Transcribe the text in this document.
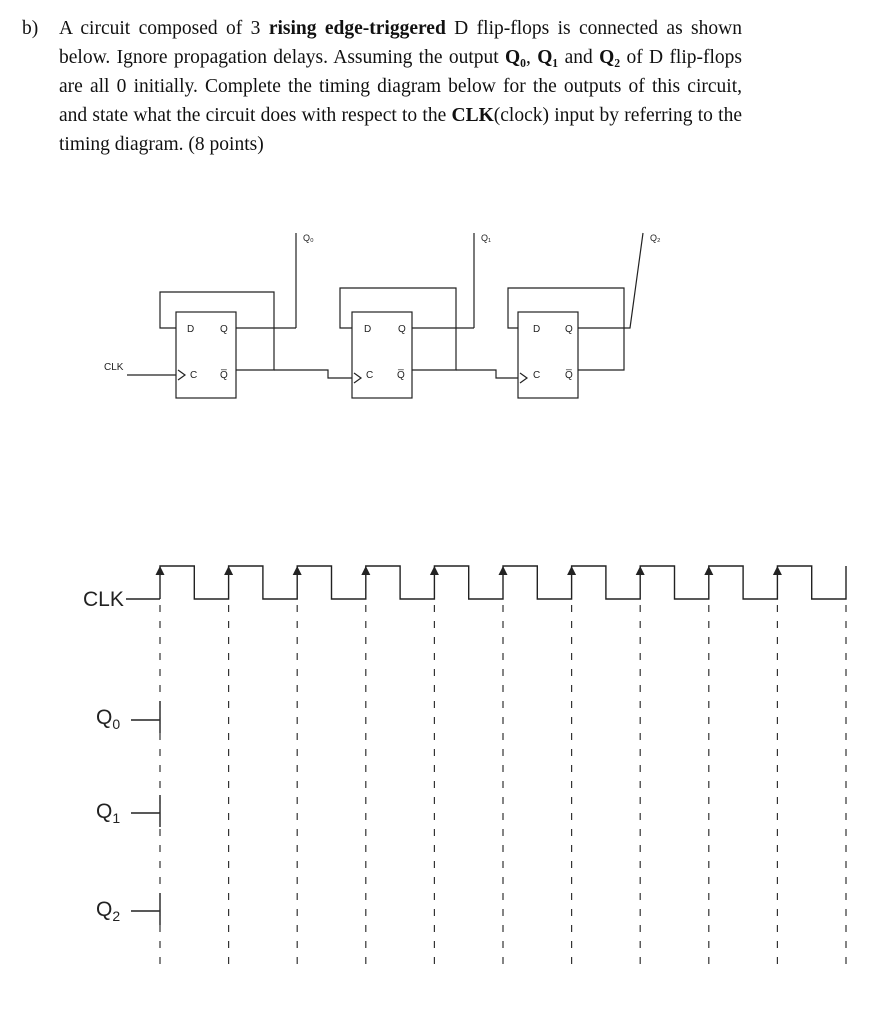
b) A circuit composed of 3 rising edge-triggered D flip-flops is connected as shown below. Ignore propagation delays. Assuming the output Q₀, Q₁ and Q₂ of D flip-flops are all 0 initially. Complete the timing diagram below for the outputs of this circuit, and state what the circuit does with respect to the CLK(clock) input by referring to the timing diagram. (8 points)
CLK
D	Q
C Q̅
Q₀
D	Q
C Q̅
Q₁
D Q
C Q̅
Q₂
CLK
$Q_0$
$Q_1$
$Q_2$
